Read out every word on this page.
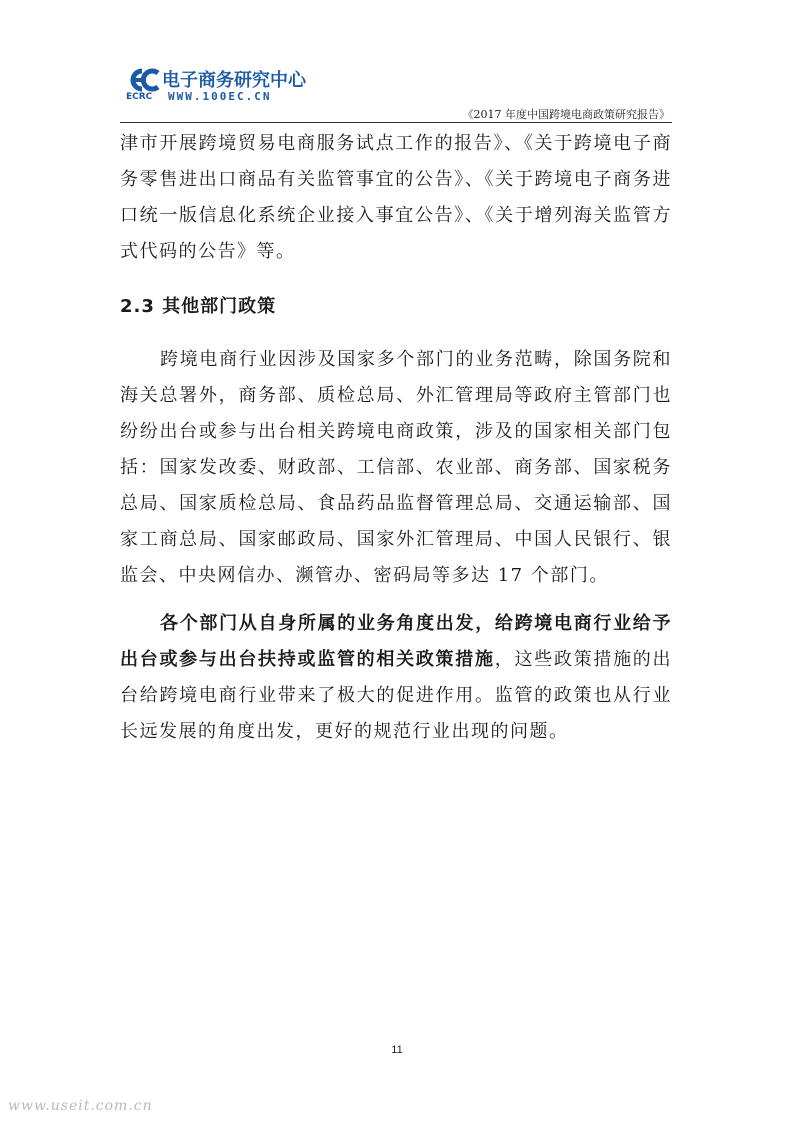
电子商务研究中心
ECRC WWW.100EC.CN
《2017 年度中国跨境电商政策研究报告》

津市开展跨境贸易电商服务试点工作的报告》、《关于跨境电子商务零售进出口商品有关监管事宜的公告》、《关于跨境电子商务进口统一版信息化系统企业接入事宜公告》、《关于增列海关监管方式代码的公告》等。

2.3 其他部门政策

跨境电商行业因涉及国家多个部门的业务范畴，除国务院和海关总署外，商务部、质检总局、外汇管理局等政府主管部门也纷纷出台或参与出台相关跨境电商政策，涉及的国家相关部门包括：国家发改委、财政部、工信部、农业部、商务部、国家税务总局、国家质检总局、食品药品监督管理总局、交通运输部、国家工商总局、国家邮政局、国家外汇管理局、中国人民银行、银监会、中央网信办、濒管办、密码局等多达 17 个部门。

各个部门从自身所属的业务角度出发，给跨境电商行业给予出台或参与出台扶持或监管的相关政策措施，这些政策措施的出台给跨境电商行业带来了极大的促进作用。监管的政策也从行业长远发展的角度出发，更好的规范行业出现的问题。

11
www.useit.com.cn
